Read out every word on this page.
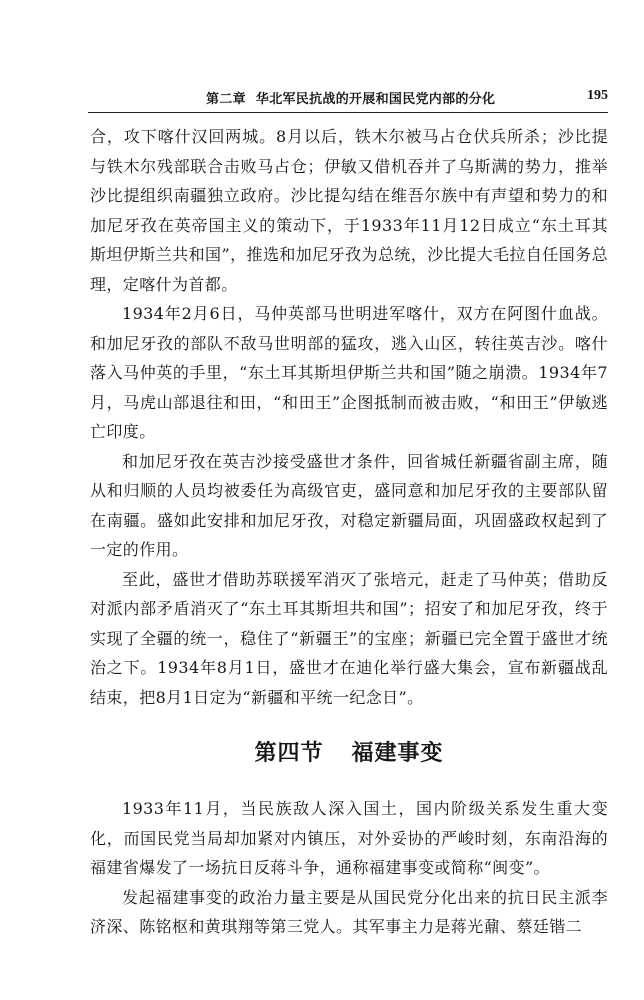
第二章 华北军民抗战的开展和国民党内部的分化	195

合，攻下喀什汉回两城。8月以后，铁木尔被马占仓伏兵所杀；沙比提与铁木尔残部联合击败马占仓；伊敏又借机吞并了乌斯满的势力，推举沙比提组织南疆独立政府。沙比提勾结在维吾尔族中有声望和势力的和加尼牙孜在英帝国主义的策动下，于1933年11月12日成立“东土耳其斯坦伊斯兰共和国”，推选和加尼牙孜为总统，沙比提大毛拉自任国务总理，定喀什为首都。

1934年2月6日，马仲英部马世明进军喀什，双方在阿图什血战。和加尼牙孜的部队不敌马世明部的猛攻，逃入山区，转往英吉沙。喀什落入马仲英的手里，“东土耳其斯坦伊斯兰共和国”随之崩溃。1934年7月，马虎山部退往和田，“和田王”企图抵制而被击败，“和田王”伊敏逃亡印度。

和加尼牙孜在英吉沙接受盛世才条件，回省城任新疆省副主席，随从和归顺的人员均被委任为高级官吏，盛同意和加尼牙孜的主要部队留在南疆。盛如此安排和加尼牙孜，对稳定新疆局面，巩固盛政权起到了一定的作用。

至此，盛世才借助苏联援军消灭了张培元，赶走了马仲英；借助反对派内部矛盾消灭了“东土耳其斯坦共和国”；招安了和加尼牙孜，终于实现了全疆的统一，稳住了“新疆王”的宝座；新疆已完全置于盛世才统治之下。1934年8月1日，盛世才在迪化举行盛大集会，宣布新疆战乱结束，把8月1日定为“新疆和平统一纪念日”。

第四节 福建事变

1933年11月，当民族敌人深入国土，国内阶级关系发生重大变化，而国民党当局却加紧对内镇压，对外妥协的严峻时刻，东南沿海的福建省爆发了一场抗日反蒋斗争，通称福建事变或简称“闽变”。

发起福建事变的政治力量主要是从国民党分化出来的抗日民主派李济深、陈铭枢和黄琪翔等第三党人。其军事主力是蒋光鼐、蔡廷锴二
